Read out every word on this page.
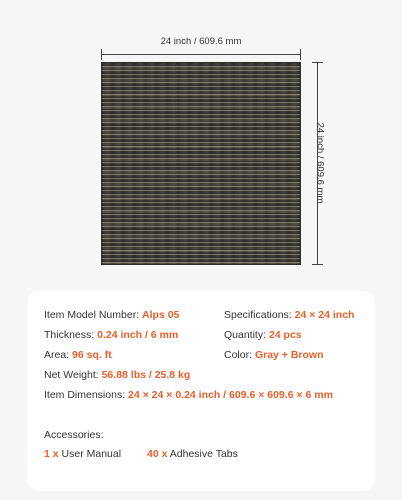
24 inch / 609.6 mm
24 inch / 609.6 mm
Item Model Number: Alps 05	Specifications: 24 × 24 inch
Thickness: 0.24 inch / 6 mm	Quantity: 24 pcs
Area: 96 sq. ft	Color: Gray + Brown
Net Weight: 56.88 lbs / 25.8 kg
Item Dimensions: 24 × 24 × 0.24 inch / 609.6 × 609.6 × 6 mm
Accessories:
1 x User Manual 40 x Adhesive Tabs
